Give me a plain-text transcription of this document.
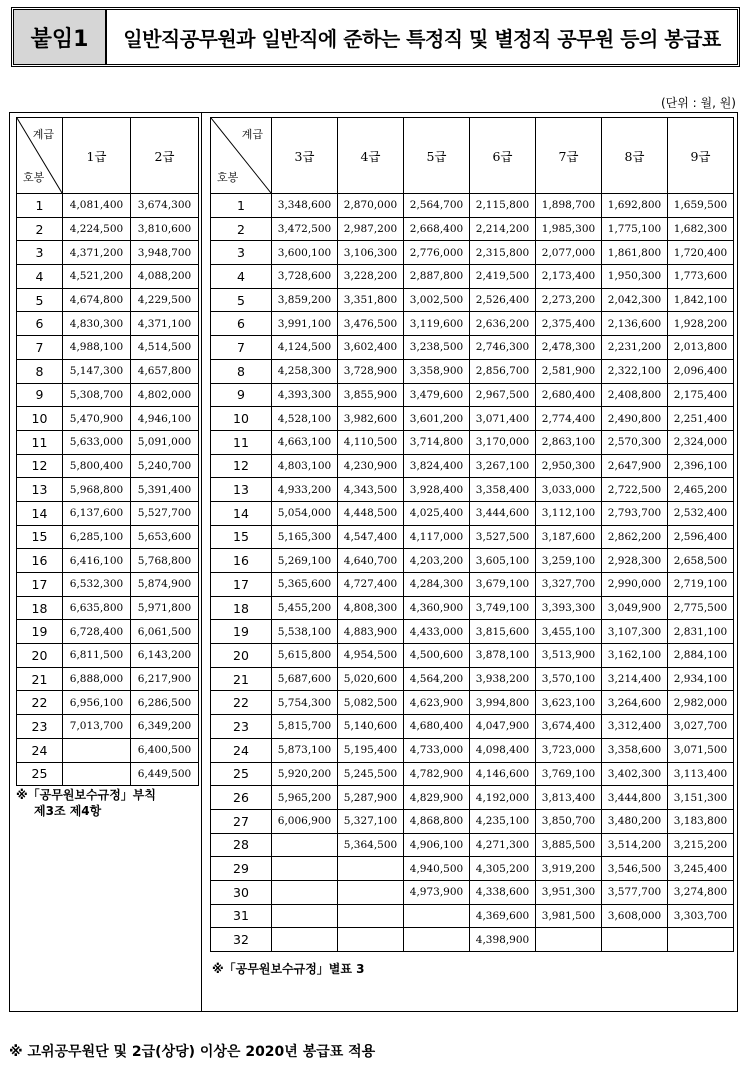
붙임1	일반직공무원과 일반직에 준하는 특정직 및 별정직 공무원 등의 봉급표
(단위 : 월, 원)
계급
호봉	1급	2급
1	4,081,400	3,674,300
2	4,224,500	3,810,600
3	4,371,200	3,948,700
4	4,521,200	4,088,200
5	4,674,800	4,229,500
6	4,830,300	4,371,100
7	4,988,100	4,514,500
8	5,147,300	4,657,800
9	5,308,700	4,802,000
10	5,470,900	4,946,100
11	5,633,000	5,091,000
12	5,800,400	5,240,700
13	5,968,800	5,391,400
14	6,137,600	5,527,700
15	6,285,100	5,653,600
16	6,416,100	5,768,800
17	6,532,300	5,874,900
18	6,635,800	5,971,800
19	6,728,400	6,061,500
20	6,811,500	6,143,200
21	6,888,000	6,217,900
22	6,956,100	6,286,500
23	7,013,700	6,349,200
24		6,400,500
25		6,449,500
계급
호봉	3급	4급	5급	6급	7급	8급	9급
1	3,348,600	2,870,000	2,564,700	2,115,800	1,898,700	1,692,800	1,659,500
2	3,472,500	2,987,200	2,668,400	2,214,200	1,985,300	1,775,100	1,682,300
3	3,600,100	3,106,300	2,776,000	2,315,800	2,077,000	1,861,800	1,720,400
4	3,728,600	3,228,200	2,887,800	2,419,500	2,173,400	1,950,300	1,773,600
5	3,859,200	3,351,800	3,002,500	2,526,400	2,273,200	2,042,300	1,842,100
6	3,991,100	3,476,500	3,119,600	2,636,200	2,375,400	2,136,600	1,928,200
7	4,124,500	3,602,400	3,238,500	2,746,300	2,478,300	2,231,200	2,013,800
8	4,258,300	3,728,900	3,358,900	2,856,700	2,581,900	2,322,100	2,096,400
9	4,393,300	3,855,900	3,479,600	2,967,500	2,680,400	2,408,800	2,175,400
10	4,528,100	3,982,600	3,601,200	3,071,400	2,774,400	2,490,800	2,251,400
11	4,663,100	4,110,500	3,714,800	3,170,000	2,863,100	2,570,300	2,324,000
12	4,803,100	4,230,900	3,824,400	3,267,100	2,950,300	2,647,900	2,396,100
13	4,933,200	4,343,500	3,928,400	3,358,400	3,033,000	2,722,500	2,465,200
14	5,054,000	4,448,500	4,025,400	3,444,600	3,112,100	2,793,700	2,532,400
15	5,165,300	4,547,400	4,117,000	3,527,500	3,187,600	2,862,200	2,596,400
16	5,269,100	4,640,700	4,203,200	3,605,100	3,259,100	2,928,300	2,658,500
17	5,365,600	4,727,400	4,284,300	3,679,100	3,327,700	2,990,000	2,719,100
18	5,455,200	4,808,300	4,360,900	3,749,100	3,393,300	3,049,900	2,775,500
19	5,538,100	4,883,900	4,433,000	3,815,600	3,455,100	3,107,300	2,831,100
20	5,615,800	4,954,500	4,500,600	3,878,100	3,513,900	3,162,100	2,884,100
21	5,687,600	5,020,600	4,564,200	3,938,200	3,570,100	3,214,400	2,934,100
22	5,754,300	5,082,500	4,623,900	3,994,800	3,623,100	3,264,600	2,982,000
23	5,815,700	5,140,600	4,680,400	4,047,900	3,674,400	3,312,400	3,027,700
24	5,873,100	5,195,400	4,733,000	4,098,400	3,723,000	3,358,600	3,071,500
25	5,920,200	5,245,500	4,782,900	4,146,600	3,769,100	3,402,300	3,113,400
26	5,965,200	5,287,900	4,829,900	4,192,000	3,813,400	3,444,800	3,151,300
27	6,006,900	5,327,100	4,868,800	4,235,100	3,850,700	3,480,200	3,183,800
28		5,364,500	4,906,100	4,271,300	3,885,500	3,514,200	3,215,200
29			4,940,500	4,305,200	3,919,200	3,546,500	3,245,400
30			4,973,900	4,338,600	3,951,300	3,577,700	3,274,800
31				4,369,600	3,981,500	3,608,000	3,303,700
32				4,398,900			
※「공무원보수규정」부칙
제3조 제4항
※「공무원보수규정」별표 3
※ 고위공무원단 및 2급(상당) 이상은 2020년 봉급표 적용
